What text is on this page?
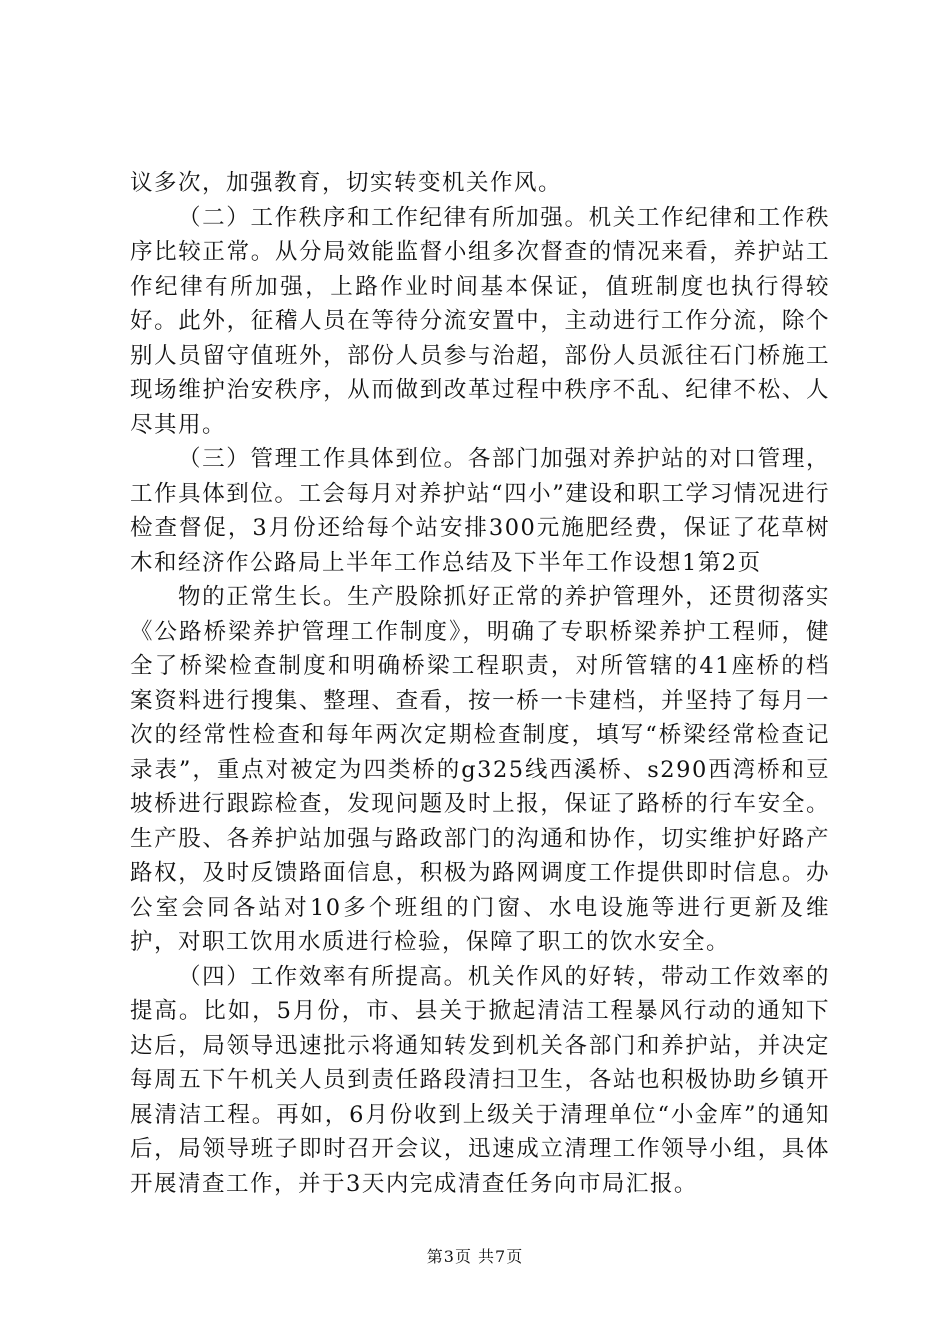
议多次，加强教育，切实转变机关作风。

（二）工作秩序和工作纪律有所加强。机关工作纪律和工作秩序比较正常。从分局效能监督小组多次督查的情况来看，养护站工作纪律有所加强，上路作业时间基本保证，值班制度也执行得较好。此外，征稽人员在等待分流安置中，主动进行工作分流，除个别人员留守值班外，部份人员参与治超，部份人员派往石门桥施工现场维护治安秩序，从而做到改革过程中秩序不乱、纪律不松、人尽其用。

（三）管理工作具体到位。各部门加强对养护站的对口管理，工作具体到位。工会每月对养护站“四小”建设和职工学习情况进行检查督促，3月份还给每个站安排300元施肥经费，保证了花草树木和经济作公路局上半年工作总结及下半年工作设想1第2页

物的正常生长。生产股除抓好正常的养护管理外，还贯彻落实《公路桥梁养护管理工作制度》，明确了专职桥梁养护工程师，健全了桥梁检查制度和明确桥梁工程职责，对所管辖的41座桥的档案资料进行搜集、整理、查看，按一桥一卡建档，并坚持了每月一次的经常性检查和每年两次定期检查制度，填写“桥梁经常检查记录表”，重点对被定为四类桥的g325线西溪桥、s290西湾桥和豆坡桥进行跟踪检查，发现问题及时上报，保证了路桥的行车安全。生产股、各养护站加强与路政部门的沟通和协作，切实维护好路产路权，及时反馈路面信息，积极为路网调度工作提供即时信息。办公室会同各站对10多个班组的门窗、水电设施等进行更新及维护，对职工饮用水质进行检验，保障了职工的饮水安全。

（四）工作效率有所提高。机关作风的好转，带动工作效率的提高。比如，5月份，市、县关于掀起清洁工程暴风行动的通知下达后，局领导迅速批示将通知转发到机关各部门和养护站，并决定每周五下午机关人员到责任路段清扫卫生，各站也积极协助乡镇开展清洁工程。再如，6月份收到上级关于清理单位“小金库”的通知后，局领导班子即时召开会议，迅速成立清理工作领导小组，具体开展清查工作，并于3天内完成清查任务向市局汇报。

第3页 共7页
